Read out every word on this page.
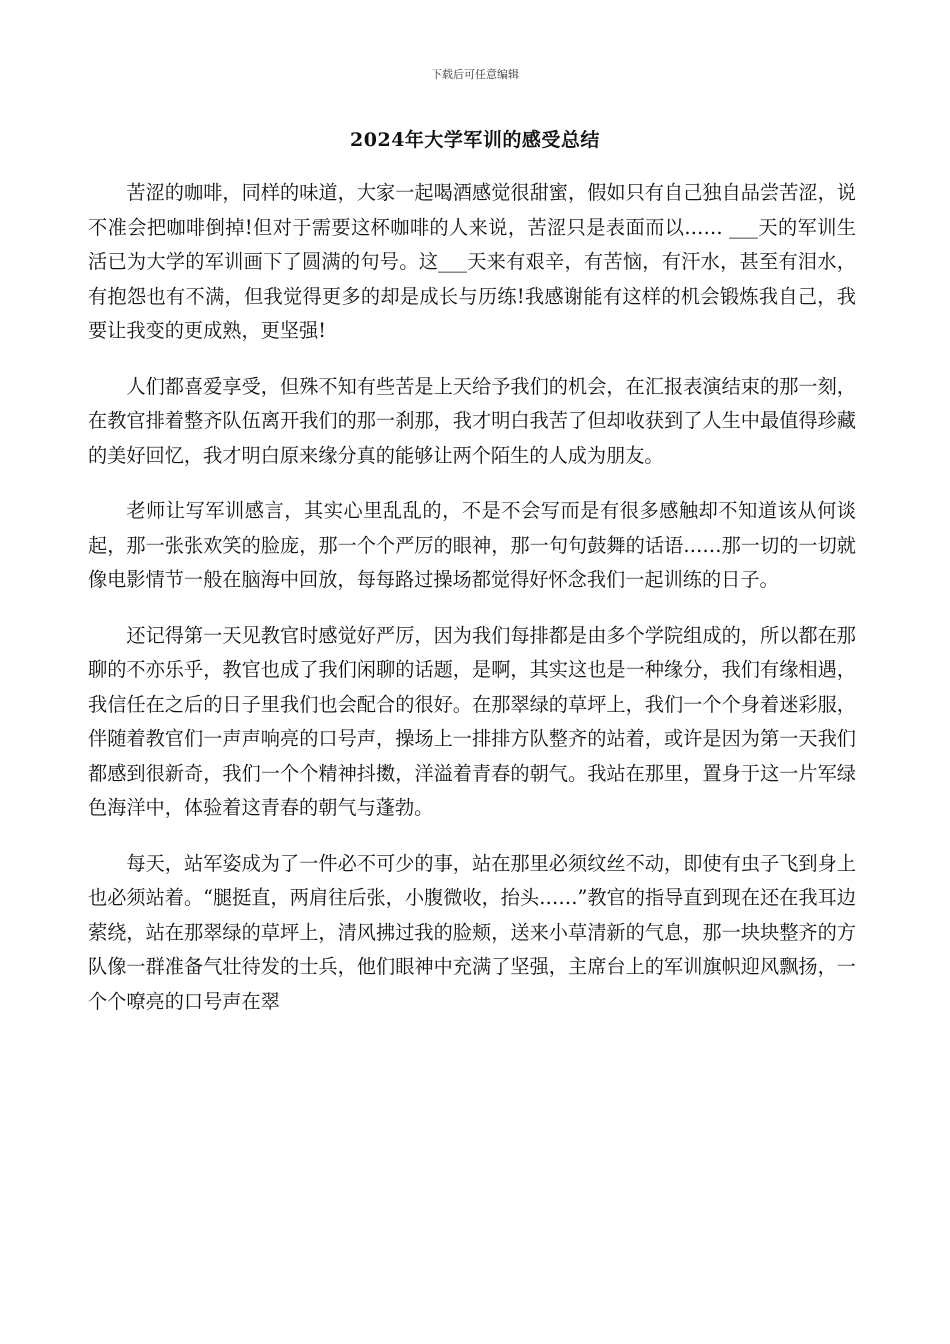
下载后可任意编辑
2024年大学军训的感受总结

苦涩的咖啡，同样的味道，大家一起喝酒感觉很甜蜜，假如只有自己独自品尝苦涩，说不准会把咖啡倒掉!但对于需要这杯咖啡的人来说，苦涩只是表面而以…… ___天的军训生活已为大学的军训画下了圆满的句号。这___天来有艰辛，有苦恼，有汗水，甚至有泪水，有抱怨也有不满，但我觉得更多的却是成长与历练!我感谢能有这样的机会锻炼我自己，我要让我变的更成熟，更坚强!

人们都喜爱享受，但殊不知有些苦是上天给予我们的机会，在汇报表演结束的那一刻，在教官排着整齐队伍离开我们的那一刹那，我才明白我苦了但却收获到了人生中最值得珍藏的美好回忆，我才明白原来缘分真的能够让两个陌生的人成为朋友。

老师让写军训感言，其实心里乱乱的，不是不会写而是有很多感触却不知道该从何谈起，那一张张欢笑的脸庞，那一个个严厉的眼神，那一句句鼓舞的话语……那一切的一切就像电影情节一般在脑海中回放，每每路过操场都觉得好怀念我们一起训练的日子。

还记得第一天见教官时感觉好严厉，因为我们每排都是由多个学院组成的，所以都在那聊的不亦乐乎，教官也成了我们闲聊的话题，是啊，其实这也是一种缘分，我们有缘相遇，我信任在之后的日子里我们也会配合的很好。在那翠绿的草坪上，我们一个个身着迷彩服，伴随着教官们一声声响亮的口号声，操场上一排排方队整齐的站着，或许是因为第一天我们都感到很新奇，我们一个个精神抖擞，洋溢着青春的朝气。我站在那里，置身于这一片军绿色海洋中，体验着这青春的朝气与蓬勃。

每天，站军姿成为了一件必不可少的事，站在那里必须纹丝不动，即使有虫子飞到身上也必须站着。“腿挺直，两肩往后张，小腹微收，抬头……”教官的指导直到现在还在我耳边萦绕，站在那翠绿的草坪上，清风拂过我的脸颊，送来小草清新的气息，那一块块整齐的方队像一群准备气壮待发的士兵，他们眼神中充满了坚强，主席台上的军训旗帜迎风飘扬，一个个嘹亮的口号声在翠
